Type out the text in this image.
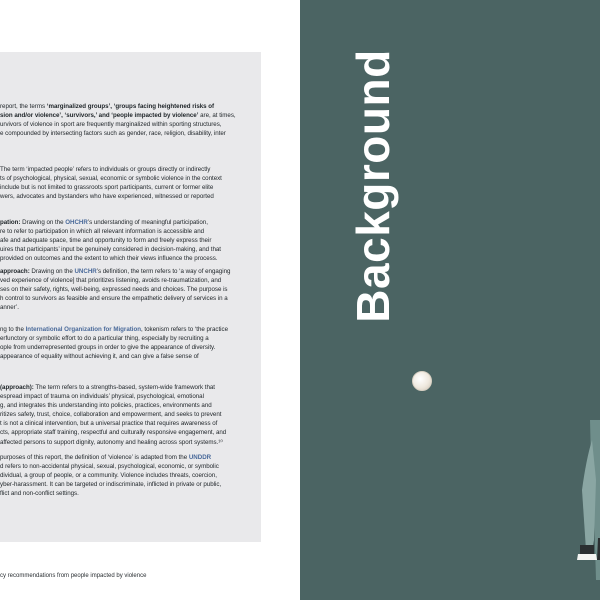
report, the terms ‘marginalized groups’, ‘groups facing heightened risks of
sion and/or violence’, ‘survivors,’ and ‘people impacted by violence’ are, at times,
urvivors of violence in sport are frequently marginalized within sporting structures,
e compounded by intersecting factors such as gender, race, religion, disability, inter
The term ‘impacted people’ refers to individuals or groups directly or indirectly
ts of psychological, physical, sexual, economic or symbolic violence in the context
include but is not limited to grassroots sport participants, current or former elite
wers, advocates and bystanders who have experienced, witnessed or reported
pation: Drawing on the OHCHR’s understanding of meaningful participation,
re to refer to participation in which all relevant information is accessible and
afe and adequate space, time and opportunity to form and freely express their
uires that participants’ input be genuinely considered in decision-making, and that
provided on outcomes and the extent to which their views influence the process.
approach: Drawing on the UNCHR’s definition, the term refers to ‘a way of engaging
ved experience of violence] that prioritizes listening, avoids re-traumatization, and
ses on their safety, rights, well-being, expressed needs and choices. The purpose is
h control to survivors as feasible and ensure the empathetic delivery of services in a
anner’.
ng to the International Organization for Migration, tokenism refers to ‘the practice
erfunctory or symbolic effort to do a particular thing, especially by recruiting a
ople from underrepresented groups in order to give the appearance of diversity.
appearance of equality without achieving it, and can give a false sense of
(approach): The term refers to a strengths-based, system-wide framework that
espread impact of trauma on individuals’ physical, psychological, emotional
g, and integrates this understanding into policies, practices, environments and
ritizes safety, trust, choice, collaboration and empowerment, and seeks to prevent
t is not a clinical intervention, but a universal practice that requires awareness of
cts, appropriate staff training, respectful and culturally responsive engagement, and
affected persons to support dignity, autonomy and healing across sport systems.¹⁰
purposes of this report, the definition of ‘violence’ is adapted from the UNDDR
d refers to non-accidental physical, sexual, psychological, economic, or symbolic
dividual, a group of people, or a community. Violence includes threats, coercion,
yber-harassment. It can be targeted or indiscriminate, inflicted in private or public,
flict and non-conflict settings.
cy recommendations from people impacted by violence
Background
